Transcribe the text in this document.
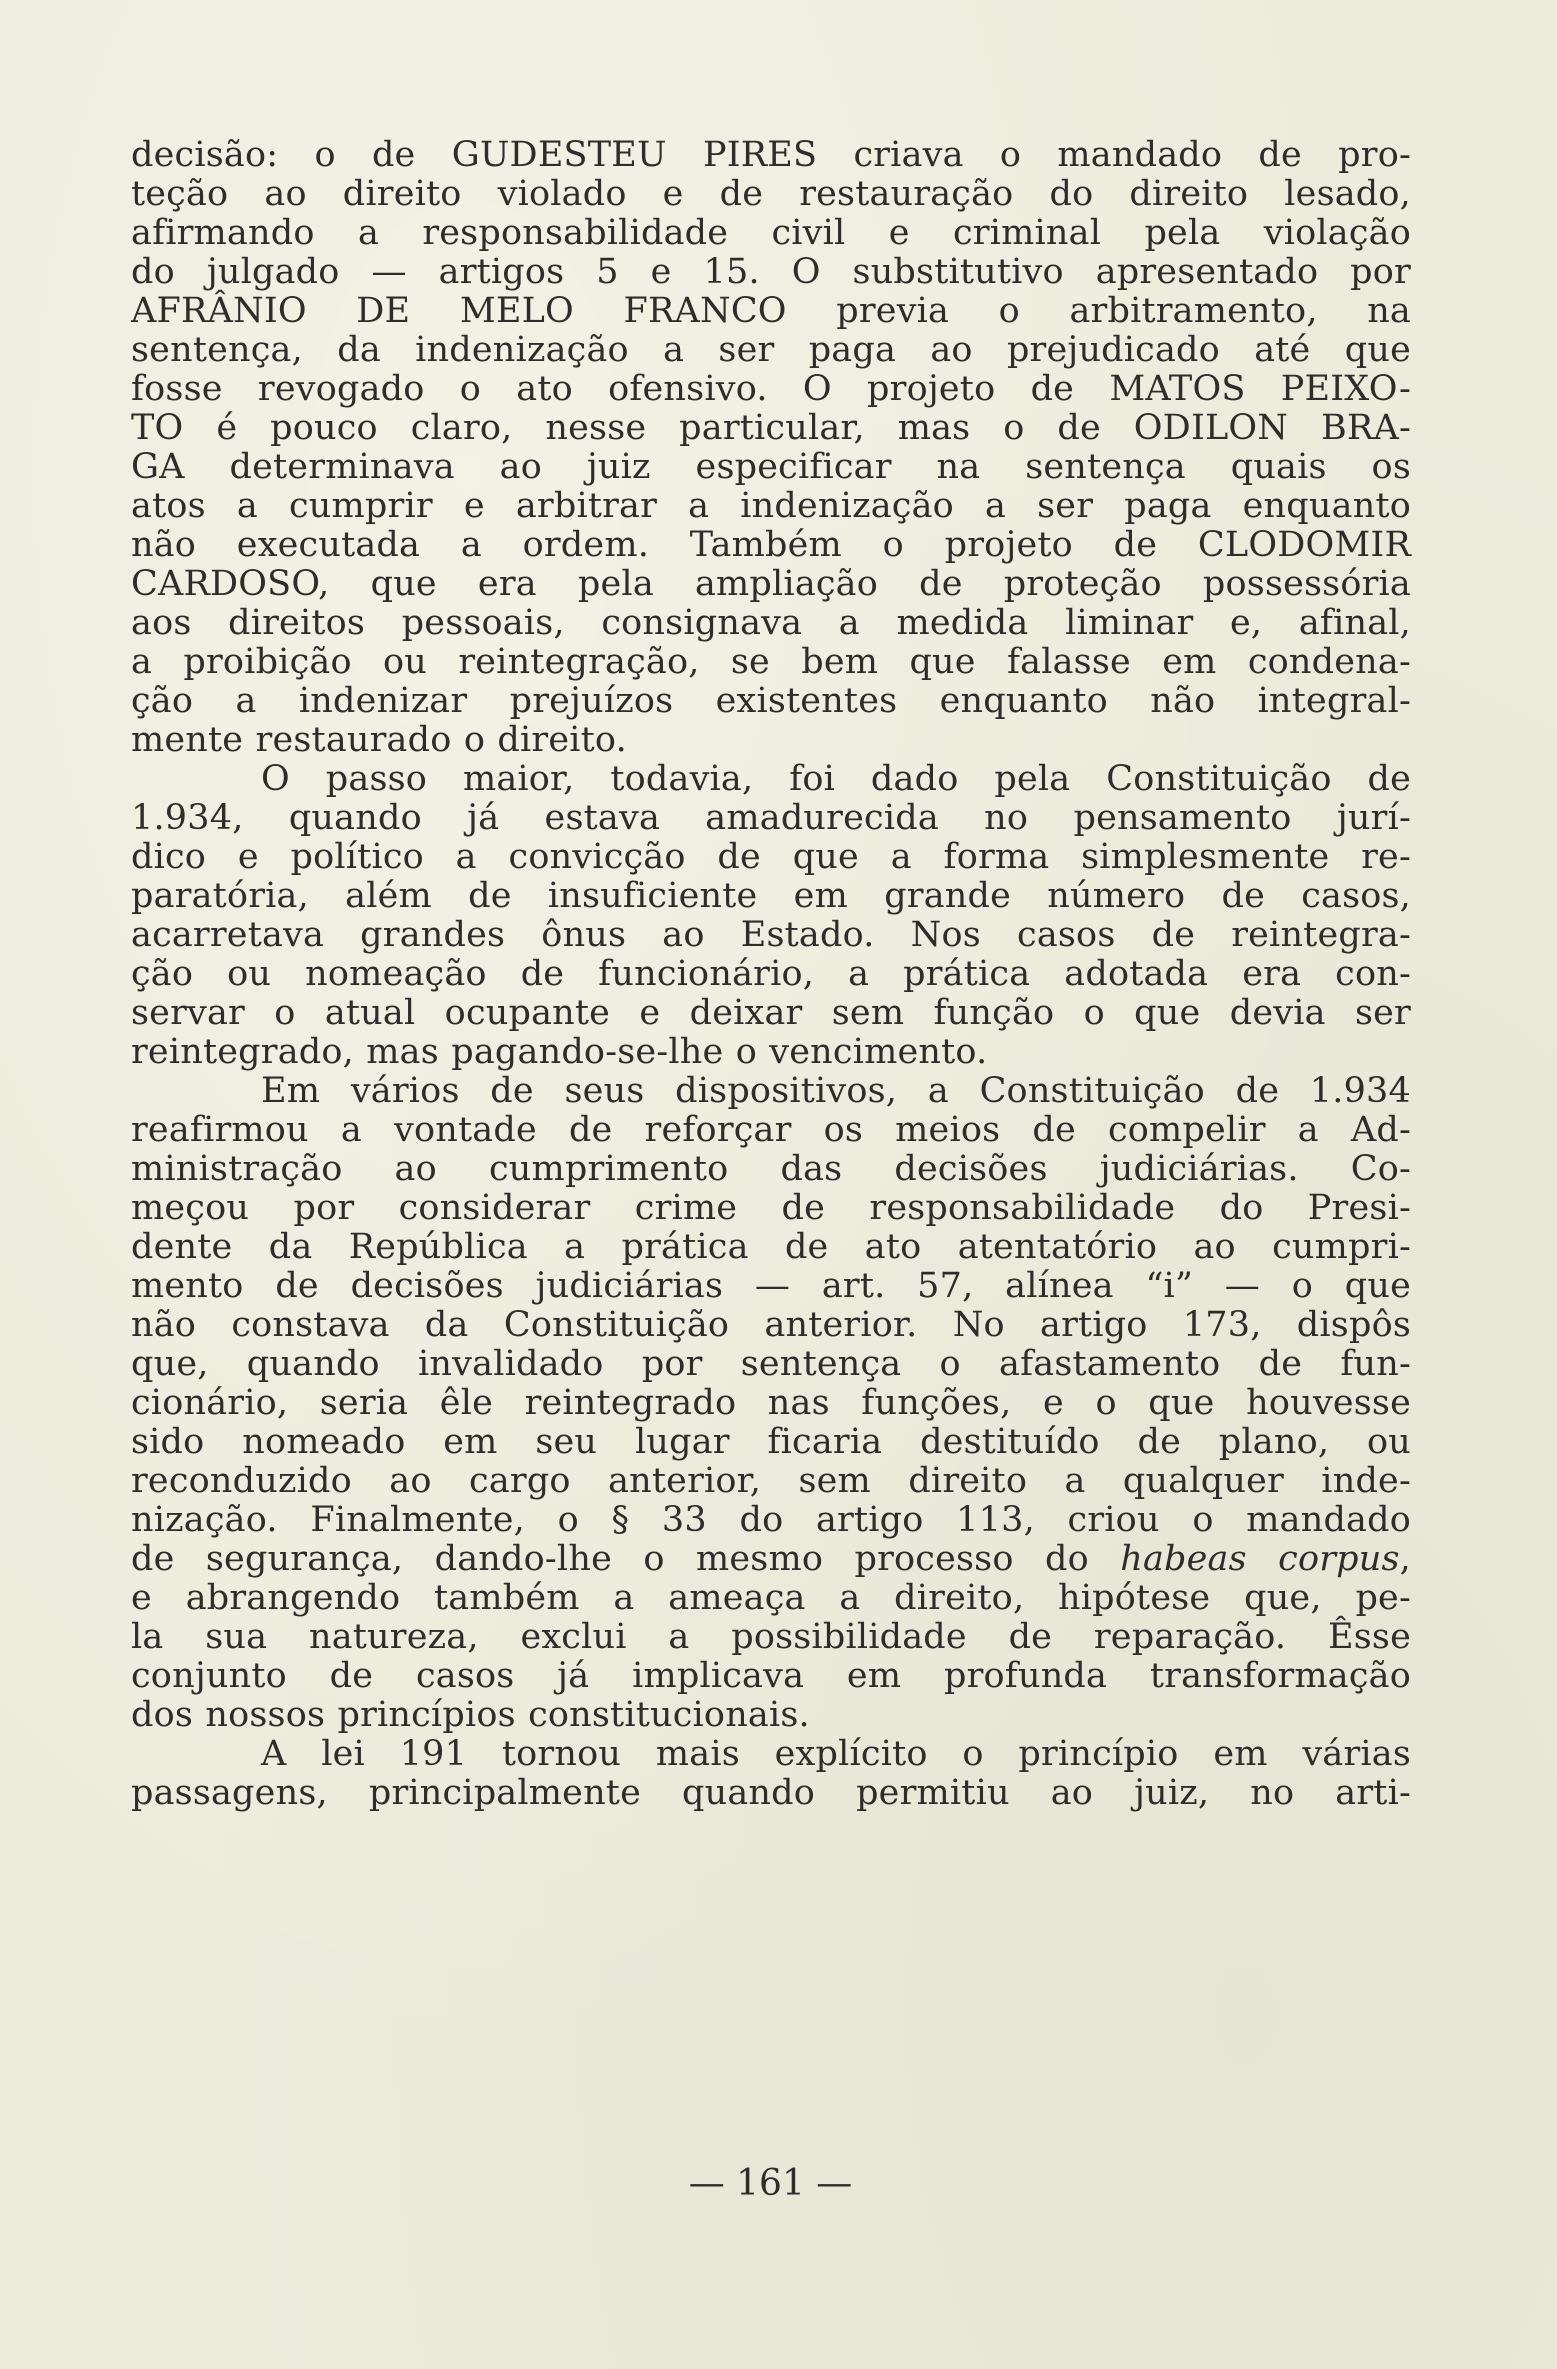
decisão: o de GUDESTEU PIRES criava o mandado de pro-
teção ao direito violado e de restauração do direito lesado,
afirmando a responsabilidade civil e criminal pela violação
do julgado — artigos 5 e 15. O substitutivo apresentado por
AFRÂNIO DE MELO FRANCO previa o arbitramento, na
sentença, da indenização a ser paga ao prejudicado até que
fosse revogado o ato ofensivo. O projeto de MATOS PEIXO-
TO é pouco claro, nesse particular, mas o de ODILON BRA-
GA determinava ao juiz especificar na sentença quais os
atos a cumprir e arbitrar a indenização a ser paga enquanto
não executada a ordem. Também o projeto de CLODOMIR
CARDOSO, que era pela ampliação de proteção possessória
aos direitos pessoais, consignava a medida liminar e, afinal,
a proibição ou reintegração, se bem que falasse em condena-
ção a indenizar prejuízos existentes enquanto não integral-
mente restaurado o direito.
O passo maior, todavia, foi dado pela Constituição de
1.934, quando já estava amadurecida no pensamento jurí-
dico e político a convicção de que a forma simplesmente re-
paratória, além de insuficiente em grande número de casos,
acarretava grandes ônus ao Estado. Nos casos de reintegra-
ção ou nomeação de funcionário, a prática adotada era con-
servar o atual ocupante e deixar sem função o que devia ser
reintegrado, mas pagando-se-lhe o vencimento.
Em vários de seus dispositivos, a Constituição de 1.934
reafirmou a vontade de reforçar os meios de compelir a Ad-
ministração ao cumprimento das decisões judiciárias. Co-
meçou por considerar crime de responsabilidade do Presi-
dente da República a prática de ato atentatório ao cumpri-
mento de decisões judiciárias — art. 57, alínea “i” — o que
não constava da Constituição anterior. No artigo 173, dispôs
que, quando invalidado por sentença o afastamento de fun-
cionário, seria êle reintegrado nas funções, e o que houvesse
sido nomeado em seu lugar ficaria destituído de plano, ou
reconduzido ao cargo anterior, sem direito a qualquer inde-
nização. Finalmente, o § 33 do artigo 113, criou o mandado
de segurança, dando-lhe o mesmo processo do habeas corpus,
e abrangendo também a ameaça a direito, hipótese que, pe-
la sua natureza, exclui a possibilidade de reparação. Êsse
conjunto de casos já implicava em profunda transformação
dos nossos princípios constitucionais.
A lei 191 tornou mais explícito o princípio em várias
passagens, principalmente quando permitiu ao juiz, no arti-
— 161 —
